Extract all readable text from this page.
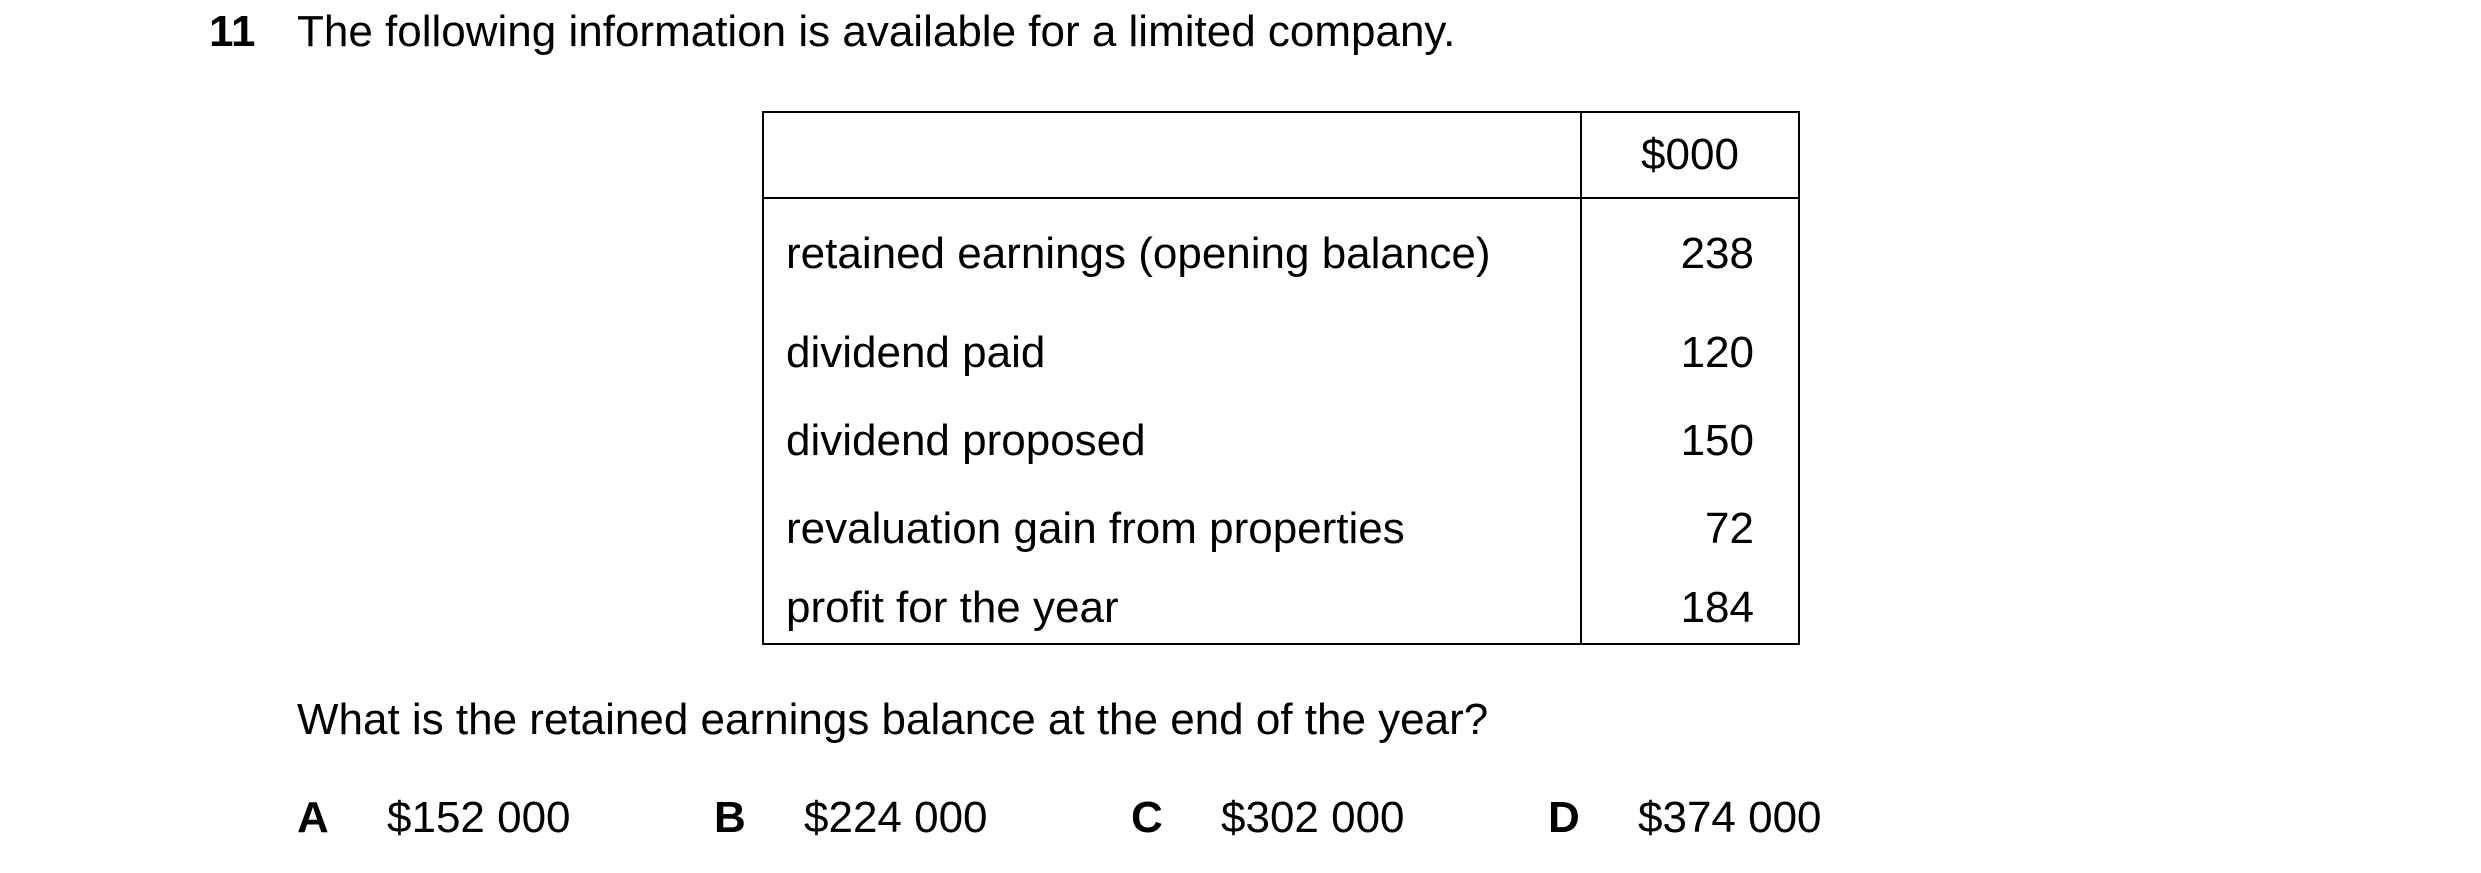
11 The following information is available for a limited company.
	$000
retained earnings (opening balance)	238
dividend paid	120
dividend proposed	150
revaluation gain from properties	72
profit for the year	184
What is the retained earnings balance at the end of the year?
A $152 000	B $224 000	C $302 000	D $374 000
